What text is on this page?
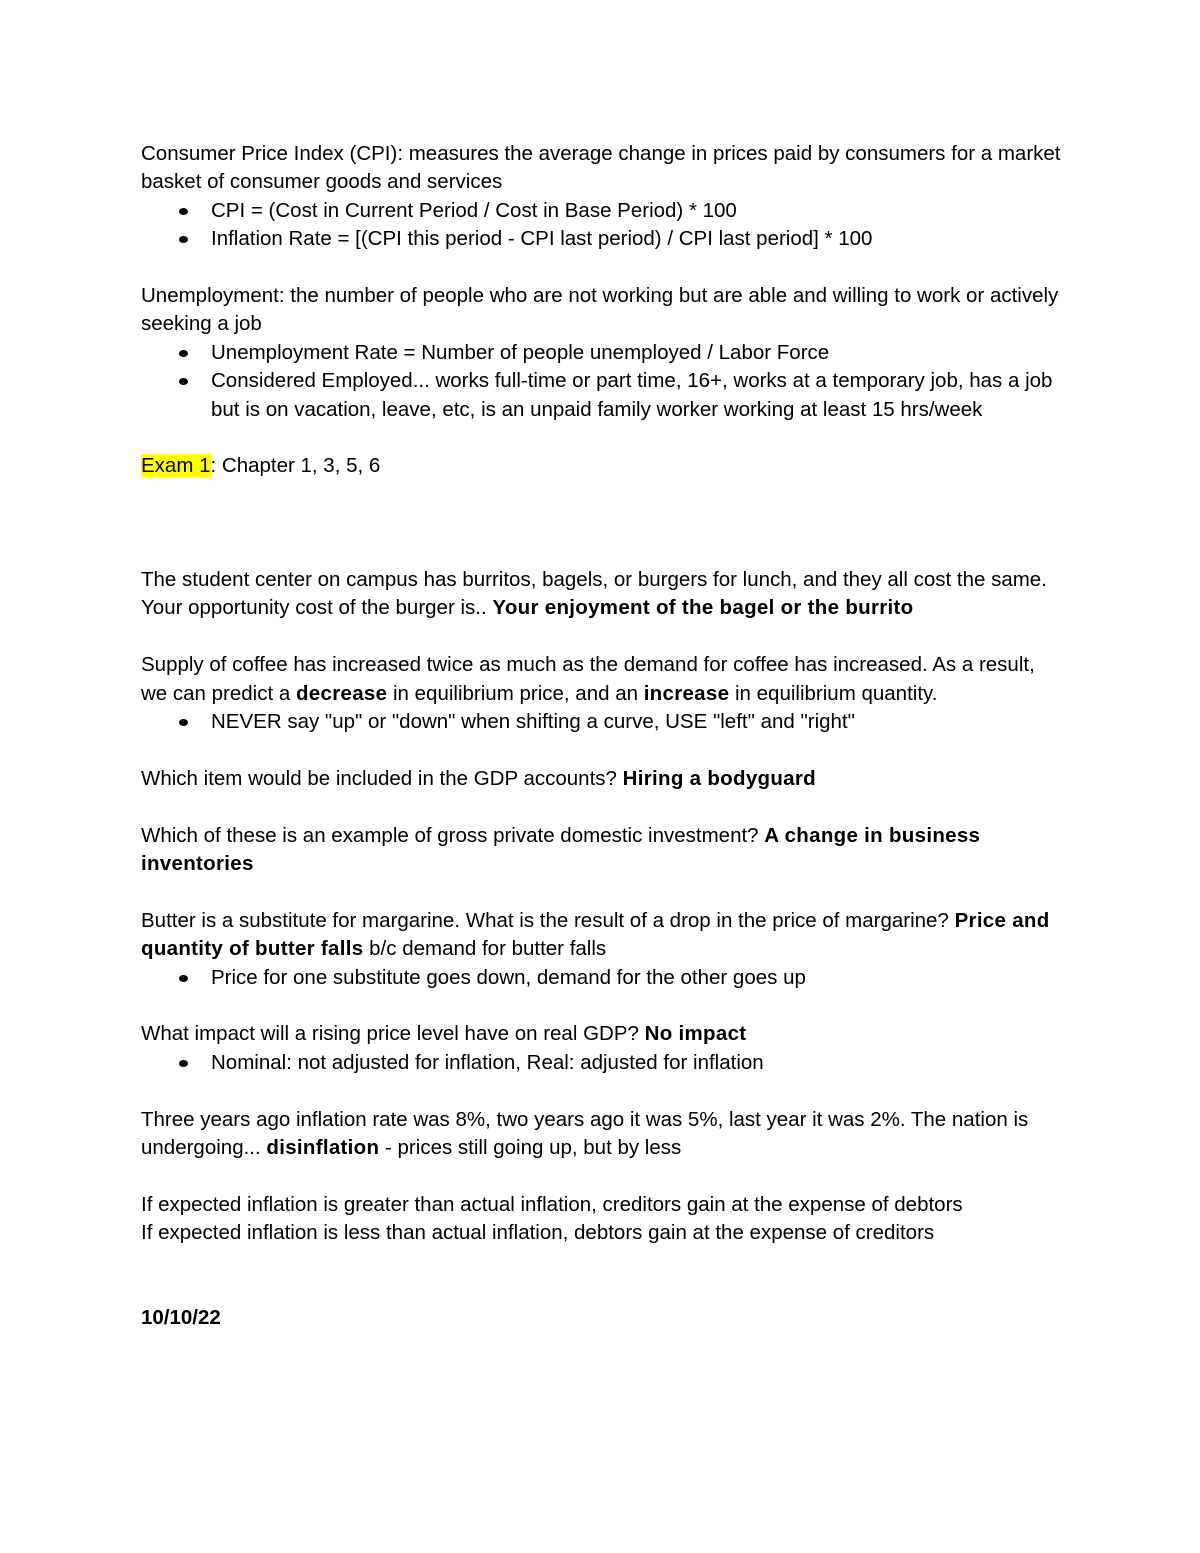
Consumer Price Index (CPI): measures the average change in prices paid by consumers for a market basket of consumer goods and services

CPI = (Cost in Current Period / Cost in Base Period) * 100
Inflation Rate = [(CPI this period - CPI last period) / CPI last period] * 100

Unemployment: the number of people who are not working but are able and willing to work or actively seeking a job

Unemployment Rate = Number of people unemployed / Labor Force
Considered Employed... works full-time or part time, 16+, works at a temporary job, has a job but is on vacation, leave, etc, is an unpaid family worker working at least 15 hrs/week

Exam 1: Chapter 1, 3, 5, 6

The student center on campus has burritos, bagels, or burgers for lunch, and they all cost the same. Your opportunity cost of the burger is.. Your enjoyment of the bagel or the burrito

Supply of coffee has increased twice as much as the demand for coffee has increased. As a result, we can predict a decrease in equilibrium price, and an increase in equilibrium quantity.

NEVER say "up" or "down" when shifting a curve, USE "left" and "right"

Which item would be included in the GDP accounts? Hiring a bodyguard

Which of these is an example of gross private domestic investment? A change in business inventories

Butter is a substitute for margarine. What is the result of a drop in the price of margarine? Price and quantity of butter falls b/c demand for butter falls

Price for one substitute goes down, demand for the other goes up

What impact will a rising price level have on real GDP? No impact

Nominal: not adjusted for inflation, Real: adjusted for inflation

Three years ago inflation rate was 8%, two years ago it was 5%, last year it was 2%. The nation is undergoing... disinflation - prices still going up, but by less

If expected inflation is greater than actual inflation, creditors gain at the expense of debtors

If expected inflation is less than actual inflation, debtors gain at the expense of creditors

10/10/22
